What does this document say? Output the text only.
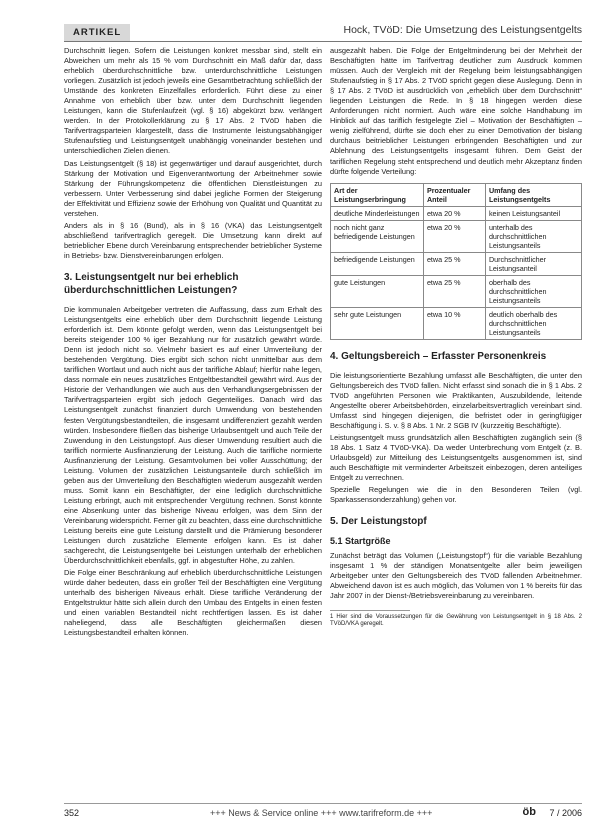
ARTIKEL	Hock, TVöD: Die Umsetzung des Leistungsentgelts

Durchschnitt liegen. Sofern die Leistungen konkret messbar sind, stellt ein Abweichen um mehr als 15 % vom Durchschnitt ein Maß dafür dar, dass erheblich überdurchschnittliche bzw. unterdurchschnittliche Leistungen vorliegen. Zusätzlich ist jedoch jeweils eine Gesamtbetrachtung schließlich der Umstände des konkreten Einzelfalles erforderlich. Führt diese zu einer Annahme von erheblich über bzw. unter dem Durchschnitt liegenden Leistungen, kann die Stufenlaufzeit (vgl. § 16) abgekürzt bzw. verlängert werden. In der Protokollerklärung zu § 17 Abs. 2 TVöD haben die Tarifvertragsparteien klargestellt, dass die Instrumente leistungsabhängiger Stufenaufstieg und Leistungsentgelt unabhängig voneinander bestehen und unterschiedlichen Zielen dienen.

Das Leistungsentgelt (§ 18) ist gegenwärtiger und darauf ausgerichtet, durch Stärkung der Motivation und Eigenverantwortung der Arbeitnehmer sowie Stärkung der Führungskompetenz die öffentlichen Dienstleistungen zu verbessern. Unter Verbesserung sind dabei jegliche Formen der Steigerung der Effektivität und Effizienz sowie der Erhöhung von Qualität und Quantität zu verstehen.

Anders als in § 16 (Bund), als in § 16 (VKA) das Leistungsentgelt abschließend tarifvertraglich geregelt. Die Umsetzung kann direkt auf betrieblicher Ebene durch Vereinbarung entsprechender betrieblicher Systeme in Betriebs- bzw. Dienstvereinbarungen erfolgen.

3. Leistungsentgelt nur bei erheblich überdurchschnittlichen Leistungen?

Die kommunalen Arbeitgeber vertreten die Auffassung, dass zum Erhalt des Leistungsentgelts eine erheblich über dem Durchschnitt liegende Leistung erforderlich ist. Dem könnte gefolgt werden, wenn das Leistungsentgelt bei bereits steigender 100 % iger Bezahlung nur für zusätzlich gewährt würde. Denn ist jedoch nicht so. Vielmehr basiert es auf einer Umverteilung der bestehenden Vergütung. Dies ergibt sich schon nicht unmittelbar aus dem tariflichen Wortlaut und auch nicht aus der tarifliche Ablauf; hierfür nahe legen, dass normale ein neues zusätzliches Entgeltbestandteil gewährt wird. Aus der Historie der Verhandlungen wie auch aus den Verhandlungsergebnissen der Tarifvertragsparteien ergibt sich jedoch Gegenteiliges. Danach wird das Leistungsentgelt zunächst finanziert durch Umwendung von bestehenden festen Vergütungsbestandteilen, die insgesamt undifferenziert gezahlt werden würden. Insbesondere fließen das bisherige Urlaubsentgelt und auch Teile der Zuwendung in den Leistungstopf. Aus dieser Umwendung resultiert auch die tariflich normierte Ausfinanzierung der Leistung. Auch die tarifliche normierte Ausfinanzierung der Leistung. Gesamtvolumen bei voller Ausschüttung; der Leistung. Volumen der zusätzlichen Leistungsanteile durch schließlich im geben aus der Umverteilung den Beschäftigten wiederum ausgezahlt werden muss. Somit kann ein Beschäftigter, der eine lediglich durchschnittliche Leistung erbringt, auch mit entsprechender Vergütung rechnen. Sonst könnte eine Absenkung unter das bisherige Niveau erfolgen, was dem Sinn der Vereinbarung widerspricht. Ferner gilt zu beachten, dass eine durchschnittliche Leistung bereits eine gute Leistung darstellt und die Prämierung besonderer Leistungen durch zusätzliche Elemente erfolgen kann. Es ist daher sachgerecht, die Leistungsentgelte bei Leistungen unterhalb der erheblichen Überdurchschnittlichkeit ebenfalls, ggf. in abgestufter Höhe, zu zahlen.

Die Folge einer Beschränkung auf erheblich überdurchschnittliche Leistungen würde daher bedeuten, dass ein großer Teil der Beschäftigten eine Vergütung unterhalb des bisherigen Niveaus erhält. Diese tarifliche Veränderung der Entgeltstruktur hätte sich allein durch den Umbau des Entgelts in einen festen und einen variablen Bestandteil nicht rechtfertigen lassen. Es ist daher naheliegend, dass alle Beschäftigten gleichermaßen diesen Leistungsbestandteil erhalten können.

ausgezahlt haben. Die Folge der Entgeltminderung bei der Mehrheit der Beschäftigten hätte im Tarifvertrag deutlicher zum Ausdruck kommen müssen. Auch der Vergleich mit der Regelung beim leistungsabhängigen Stufenaufstieg in § 17 Abs. 2 TVöD spricht gegen diese Auslegung. Denn in § 17 Abs. 2 TVöD ist ausdrücklich von „erheblich über dem Durchschnitt“ liegenden Leistungen die Rede. In § 18 hingegen werden diese Anforderungen nicht normiert. Auch wäre eine solche Handhabung im Hinblick auf das tariflich festgelegte Ziel – Motivation der Beschäftigten – wenig zielführend, dürfte sie doch eher zu einer Demotivation der bislang durchaus beitrieblicher Leistungen erbringenden Beschäftigten und zur Ablehnung des Leistungsentgelts insgesamt führen. Dem Geist der tariflichen Regelung steht entsprechend und deutlich mehr Akzeptanz finden dürfte folgende Verteilung:

Art der Leistungserbringung	Prozentualer Anteil	Umfang des Leistungsentgelts
deutliche Minderleistungen	etwa 20 %	keinen Leistungsanteil
noch nicht ganz befriedigende Leistungen	etwa 20 %	unterhalb des durchschnittlichen Leistungsanteils
befriedigende Leistungen	etwa 25 %	Durchschnittlicher Leistungsanteil
gute Leistungen	etwa 25 %	oberhalb des durchschnittlichen Leistungsanteils
sehr gute Leistungen	etwa 10 %	deutlich oberhalb des durchschnittlichen Leistungsanteils
4. Geltungsbereich – Erfasster Personenkreis

Die leistungsorientierte Bezahlung umfasst alle Beschäftigten, die unter den Geltungsbereich des TVöD fallen. Nicht erfasst sind sonach die in § 1 Abs. 2 TVöD angeführten Personen wie Praktikanten, Auszubildende, leitende Angestellte oberer Arbeitsbehörden, einzelarbeitsvertraglich vereinbart sind. Umfasst sind hingegen diejenigen, die befristet oder in geringfügiger Beschäftigung i. S. v. § 8 Abs. 1 Nr. 2 SGB IV (kurzzeitig Beschäftigte).

Leistungsentgelt muss grundsätzlich allen Beschäftigten zugänglich sein (§ 18 Abs. 1 Satz 4 TVöD-VKA). Da weder Unterbrechung vom Entgelt (z. B. Urlaubsgeld) zur Mitteilung des Leistungsentgelts ausgenommen ist, sind auch Beschäftigte mit verminderter Arbeitszeit einbezogen, deren anteiliges Entgelt zu verrechnen.

Spezielle Regelungen wie die in den Besonderen Teilen (vgl. Sparkassensonderzahlung) gehen vor.

5. Der Leistungstopf
5.1 Startgröße

Zunächst beträgt das Volumen („Leistungstopf“) für die variable Bezahlung insgesamt 1 % der ständigen Monatsentgelte aller beim jeweiligen Arbeitgeber unter den Geltungsbereich des TVöD fallenden Arbeitnehmer. Abweichend davon ist es auch möglich, das Volumen von 1 % bereits für das Jahr 2007 in der Dienst-/Betriebsvereinbarung zu vereinbaren.

1 Hier sind die Voraussetzungen für die Gewährung von Leistungsentgelt in § 18 Abs. 2 TVöD/VKA geregelt.

352	+++ News & Service online +++ www.tarifreform.de +++	öb 7 / 2006
